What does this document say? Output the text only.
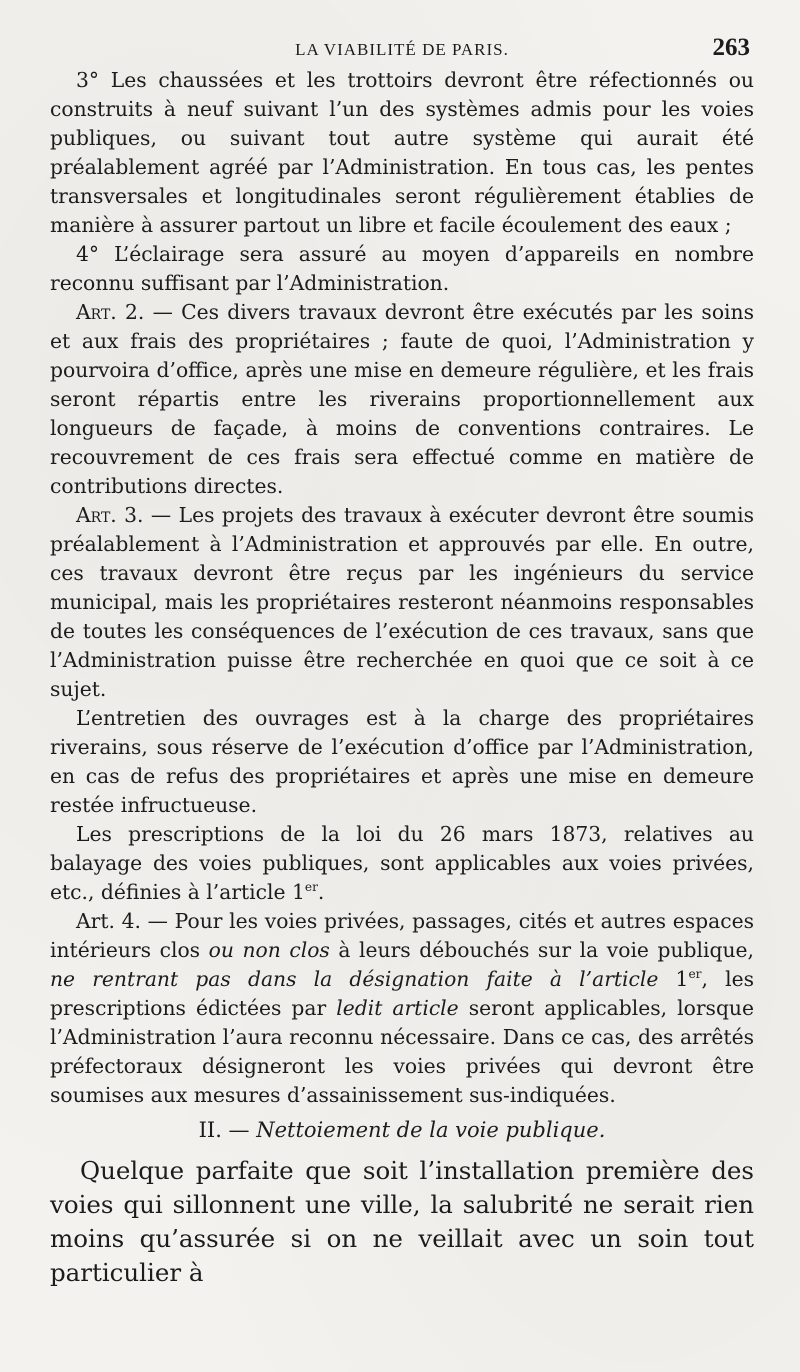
LA VIABILITÉ DE PARIS.	263

3° Les chaussées et les trottoirs devront être réfectionnés ou construits à neuf suivant l’un des systèmes admis pour les voies publiques, ou suivant tout autre système qui aurait été préalablement agréé par l’Administration. En tous cas, les pentes transversales et longitudinales seront régulièrement établies de manière à assurer partout un libre et facile écoulement des eaux ;

4° L’éclairage sera assuré au moyen d’appareils en nombre reconnu suffisant par l’Administration.

Art. 2. — Ces divers travaux devront être exécutés par les soins et aux frais des propriétaires ; faute de quoi, l’Administration y pourvoira d’office, après une mise en demeure régulière, et les frais seront répartis entre les riverains proportionnellement aux longueurs de façade, à moins de conventions contraires. Le recouvrement de ces frais sera effectué comme en matière de contributions directes.

Art. 3. — Les projets des travaux à exécuter devront être soumis préalablement à l’Administration et approuvés par elle. En outre, ces travaux devront être reçus par les ingénieurs du service municipal, mais les propriétaires resteront néanmoins responsables de toutes les conséquences de l’exécution de ces travaux, sans que l’Administration puisse être recherchée en quoi que ce soit à ce sujet.

L’entretien des ouvrages est à la charge des propriétaires riverains, sous réserve de l’exécution d’office par l’Administration, en cas de refus des propriétaires et après une mise en demeure restée infructueuse.

Les prescriptions de la loi du 26 mars 1873, relatives au balayage des voies publiques, sont applicables aux voies privées, etc., définies à l’article 1er.

Art. 4. — Pour les voies privées, passages, cités et autres espaces intérieurs clos ou non clos à leurs débouchés sur la voie publique, ne rentrant pas dans la désignation faite à l’article 1er, les prescriptions édictées par ledit article seront applicables, lorsque l’Administration l’aura reconnu nécessaire. Dans ce cas, des arrêtés préfectoraux désigneront les voies privées qui devront être soumises aux mesures d’assainissement sus-indiquées.

II. — Nettoiement de la voie publique.

Quelque parfaite que soit l’installation première des voies qui sillonnent une ville, la salubrité ne serait rien moins qu’assurée si on ne veillait avec un soin tout particulier à
